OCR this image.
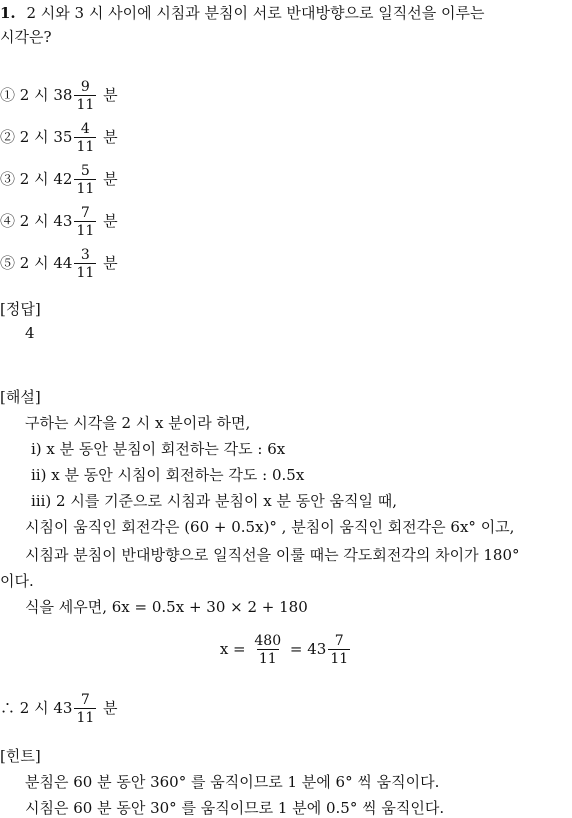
1. 2 시와 3 시 사이에 시침과 분침이 서로 반대방향으로 일직선을 이루는
시각은?
① 2 시 $38 \frac{9}{11}$ 분
② 2 시 $35 \frac{4}{11}$ 분
③ 2 시 $42 \frac{5}{11}$ 분
④ 2 시 $43 \frac{7}{11}$ 분
⑤ 2 시 $44 \frac{3}{11}$ 분
[정답]
4
[해설]
구하는 시각을 2 시 x 분이라 하면,
ⅰ) x 분 동안 분침이 회전하는 각도 : 6x
ⅱ) x 분 동안 시침이 회전하는 각도 : 0.5x
ⅲ) 2 시를 기준으로 시침과 분침이 x 분 동안 움직일 때,
시침이 움직인 회전각은 (60 + 0.5x)° , 분침이 움직인 회전각은 6x° 이고,
시침과 분침이 반대방향으로 일직선을 이룰 때는 각도회전각의 차이가 180°
이다.
식을 세우면, 6x = 0.5x + 30 × 2 + 180
$x = \frac{480}{11} = 43 \frac{7}{11}$
∴ 2 시 $43 \frac{7}{11}$ 분
[힌트]
분침은 60 분 동안 360° 를 움직이므로 1 분에 6° 씩 움직이다.
시침은 60 분 동안 30° 를 움직이므로 1 분에 0.5° 씩 움직인다.
